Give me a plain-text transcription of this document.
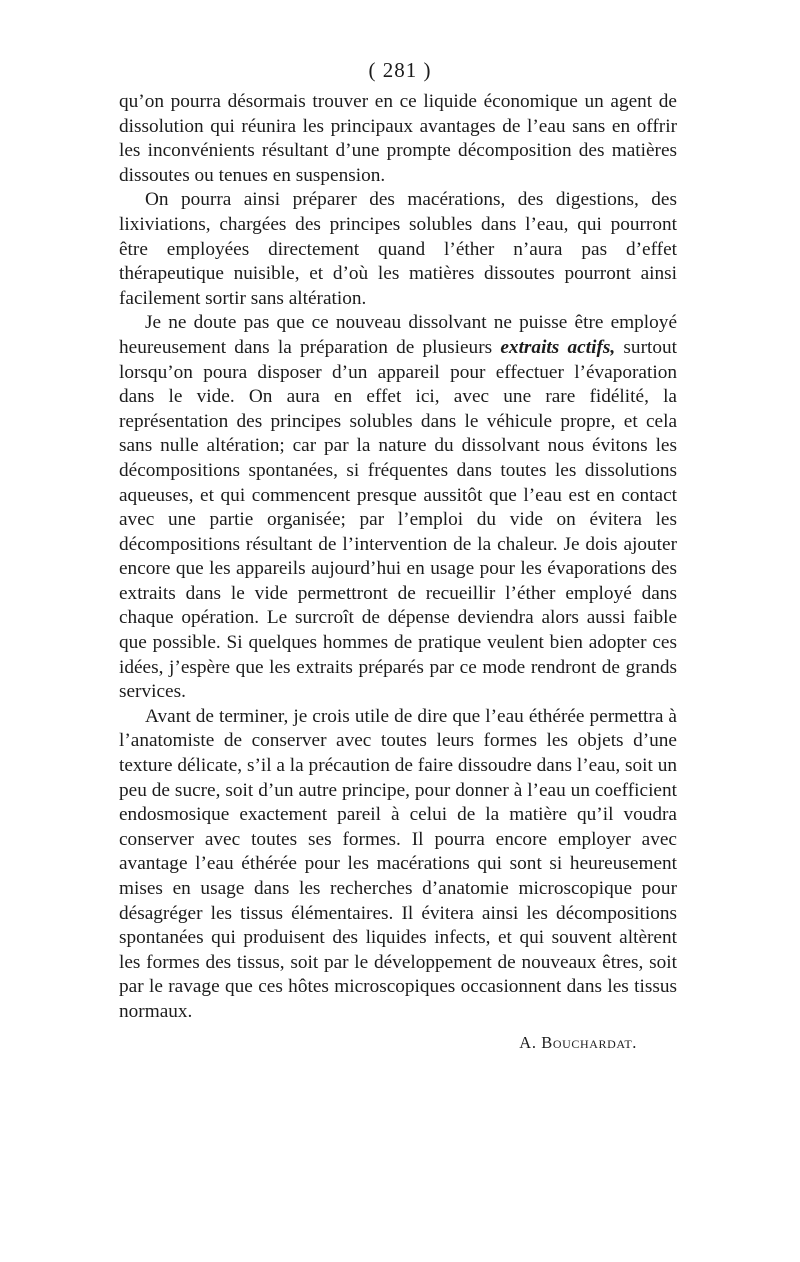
( 281 )

qu’on pourra désormais trouver en ce liquide économique un agent de dissolution qui réunira les principaux avantages de l’eau sans en offrir les inconvénients résultant d’une prompte décomposition des matières dissoutes ou tenues en suspension.

On pourra ainsi préparer des macérations, des digestions, des lixiviations, chargées des principes solubles dans l’eau, qui pourront être employées directement quand l’éther n’aura pas d’effet thérapeutique nuisible, et d’où les matières dissoutes pourront ainsi facilement sortir sans altération.

Je ne doute pas que ce nouveau dissolvant ne puisse être employé heureusement dans la préparation de plusieurs extraits actifs, surtout lorsqu’on poura disposer d’un appareil pour effectuer l’évaporation dans le vide. On aura en effet ici, avec une rare fidélité, la représentation des principes solubles dans le véhicule propre, et cela sans nulle altération; car par la nature du dissolvant nous évitons les décompositions spontanées, si fréquentes dans toutes les dissolutions aqueuses, et qui commencent presque aussitôt que l’eau est en contact avec une partie organisée; par l’emploi du vide on évitera les décompositions résultant de l’intervention de la chaleur. Je dois ajouter encore que les appareils aujourd’hui en usage pour les évaporations des extraits dans le vide permettront de recueillir l’éther employé dans chaque opération. Le surcroît de dépense deviendra alors aussi faible que possible. Si quelques hommes de pratique veulent bien adopter ces idées, j’espère que les extraits préparés par ce mode rendront de grands services.

Avant de terminer, je crois utile de dire que l’eau éthérée permettra à l’anatomiste de conserver avec toutes leurs formes les objets d’une texture délicate, s’il a la précaution de faire dissoudre dans l’eau, soit un peu de sucre, soit d’un autre principe, pour donner à l’eau un coefficient endosmosique exactement pareil à celui de la matière qu’il voudra conserver avec toutes ses formes. Il pourra encore employer avec avantage l’eau éthérée pour les macérations qui sont si heureusement mises en usage dans les recherches d’anatomie microscopique pour désagréger les tissus élémentaires. Il évitera ainsi les décompositions spontanées qui produisent des liquides infects, et qui souvent altèrent les formes des tissus, soit par le développement de nouveaux êtres, soit par le ravage que ces hôtes microscopiques occasionnent dans les tissus normaux.

A. Bouchardat.
